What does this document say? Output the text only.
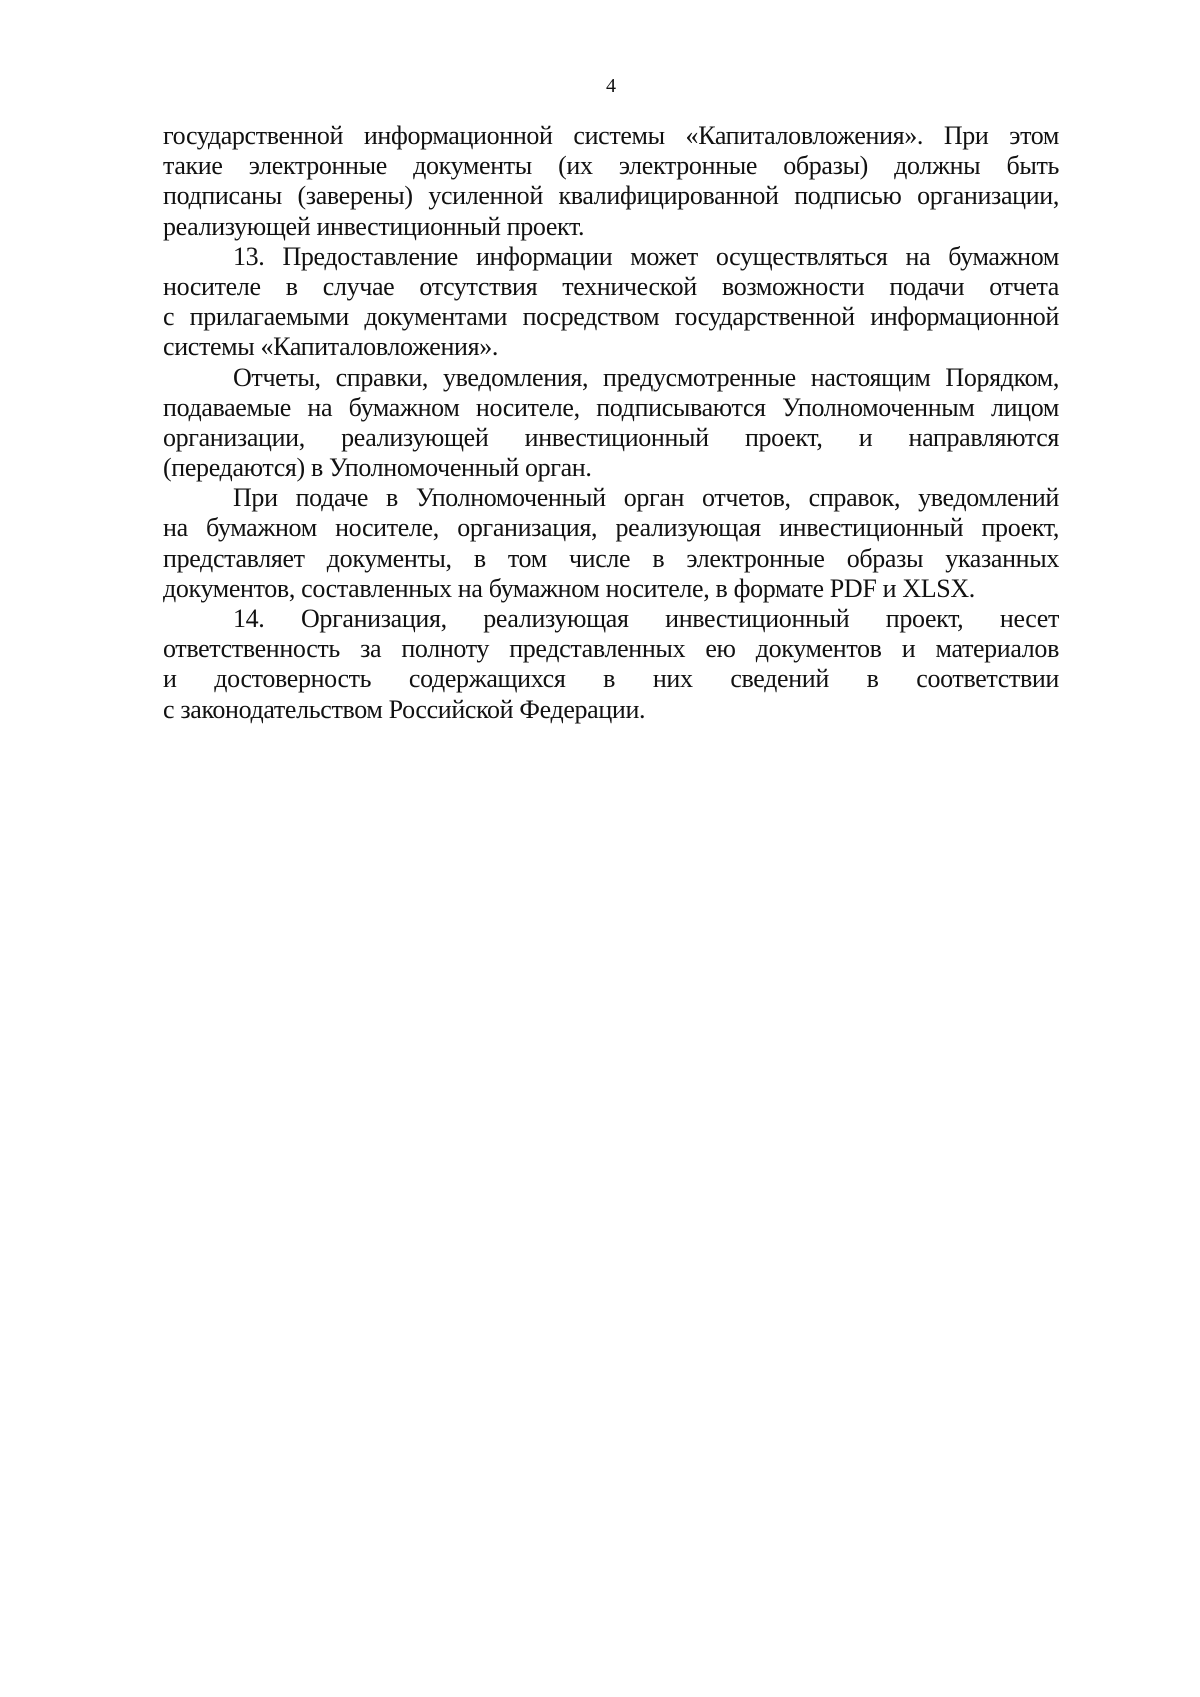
4
государственной информационной системы «Капиталовложения». При этом
такие электронные документы (их электронные образы) должны быть
подписаны (заверены) усиленной квалифицированной подписью организации,
реализующей инвестиционный проект.
13. Предоставление информации может осуществляться на бумажном
носителе в случае отсутствия технической возможности подачи отчета
с прилагаемыми документами посредством государственной информационной
системы «Капиталовложения».
Отчеты, справки, уведомления, предусмотренные настоящим Порядком,
подаваемые на бумажном носителе, подписываются Уполномоченным лицом
организации, реализующей инвестиционный проект, и направляются
(передаются) в Уполномоченный орган.
При подаче в Уполномоченный орган отчетов, справок, уведомлений
на бумажном носителе, организация, реализующая инвестиционный проект,
представляет документы, в том числе в электронные образы указанных
документов, составленных на бумажном носителе, в формате PDF и XLSX.
14. Организация, реализующая инвестиционный проект, несет
ответственность за полноту представленных ею документов и материалов
и достоверность содержащихся в них сведений в соответствии
с законодательством Российской Федерации.
